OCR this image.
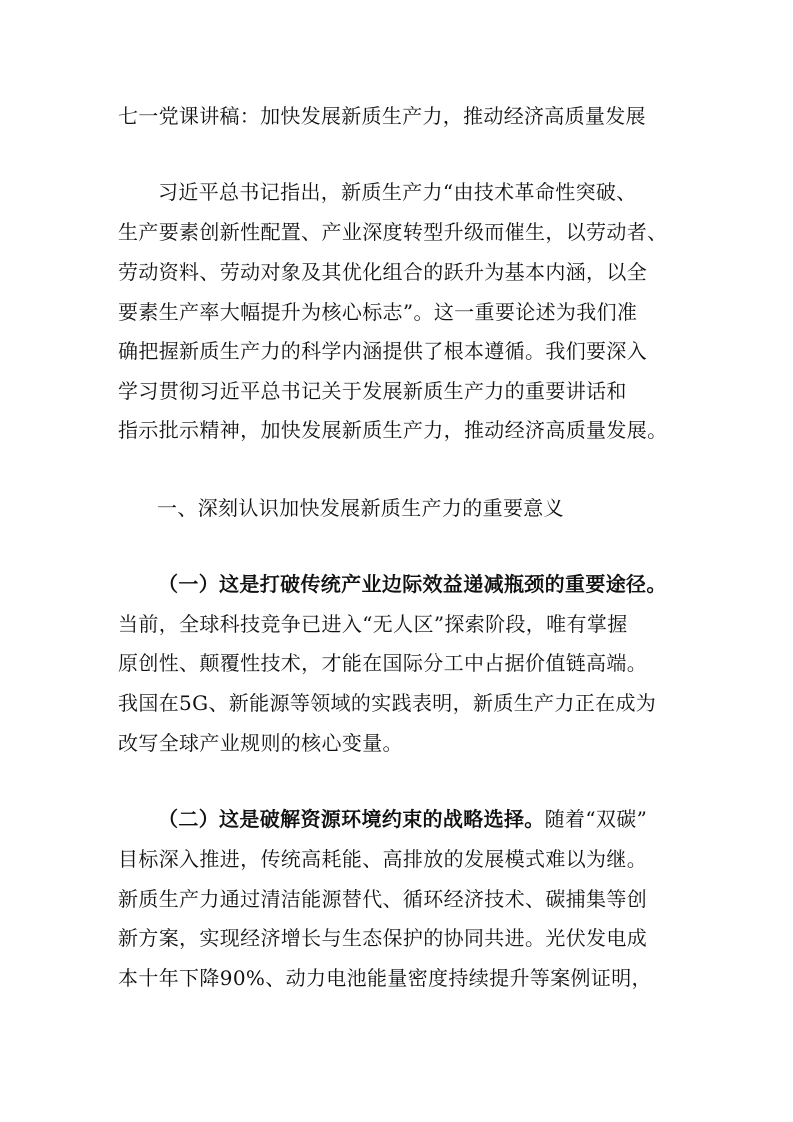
七一党课讲稿：加快发展新质生产力，推动经济高质量发展
习近平总书记指出，新质生产力“由技术革命性突破、
生产要素创新性配置、产业深度转型升级而催生，以劳动者、
劳动资料、劳动对象及其优化组合的跃升为基本内涵，以全
要素生产率大幅提升为核心标志”。这一重要论述为我们准
确把握新质生产力的科学内涵提供了根本遵循。我们要深入
学习贯彻习近平总书记关于发展新质生产力的重要讲话和
指示批示精神，加快发展新质生产力，推动经济高质量发展。
一、深刻认识加快发展新质生产力的重要意义
（一）这是打破传统产业边际效益递减瓶颈的重要途径。
当前，全球科技竞争已进入“无人区”探索阶段，唯有掌握
原创性、颠覆性技术，才能在国际分工中占据价值链高端。
我国在5G、新能源等领域的实践表明，新质生产力正在成为
改写全球产业规则的核心变量。
（二）这是破解资源环境约束的战略选择。随着“双碳”
目标深入推进，传统高耗能、高排放的发展模式难以为继。
新质生产力通过清洁能源替代、循环经济技术、碳捕集等创
新方案，实现经济增长与生态保护的协同共进。光伏发电成
本十年下降90%、动力电池能量密度持续提升等案例证明，
